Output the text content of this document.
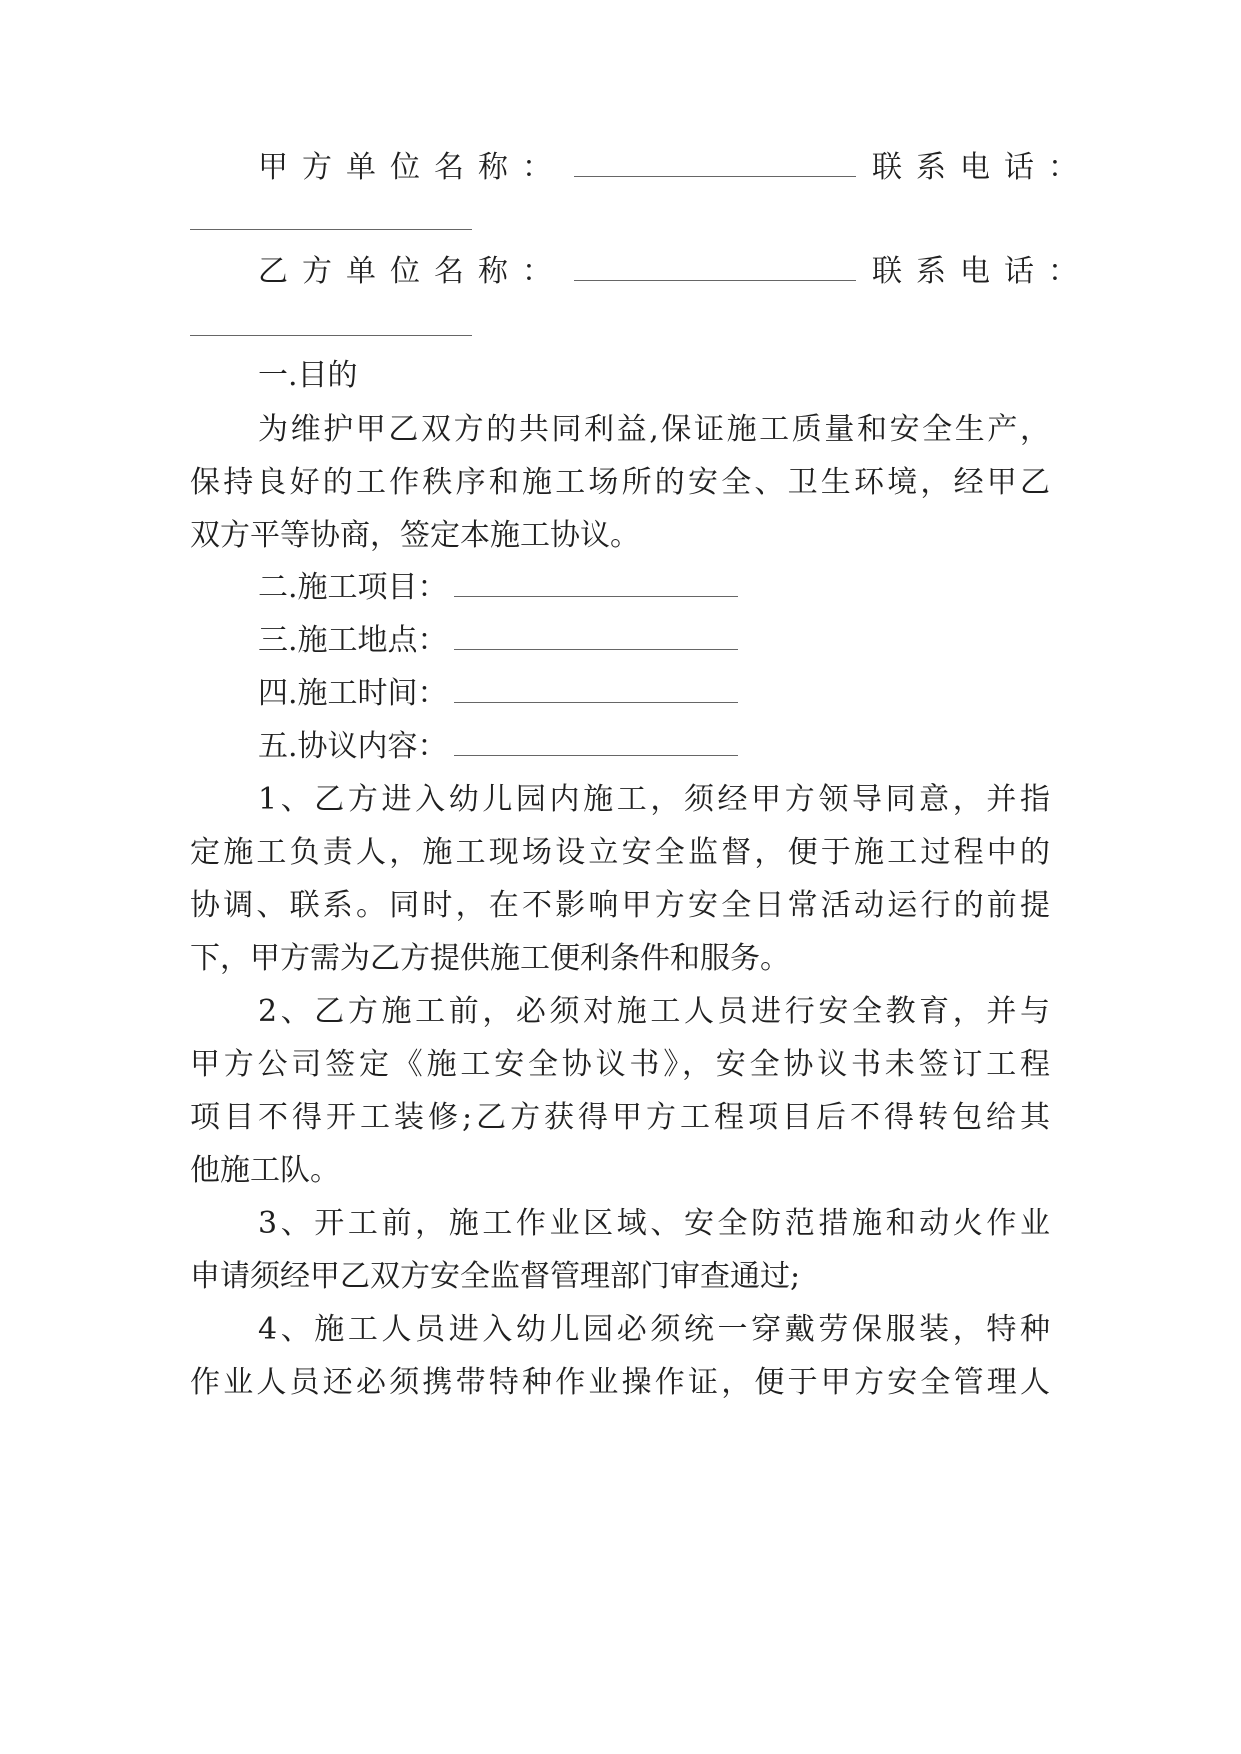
甲方单位名称：	联系电话：
乙方单位名称：	联系电话：
一.目的
为维护甲乙双方的共同利益,保证施工质量和安全生产，
保持良好的工作秩序和施工场所的安全、卫生环境，经甲乙
双方平等协商，签定本施工协议。
二.施工项目：
三.施工地点：
四.施工时间：
五.协议内容：
1、乙方进入幼儿园内施工，须经甲方领导同意，并指
定施工负责人，施工现场设立安全监督，便于施工过程中的
协调、联系。同时，在不影响甲方安全日常活动运行的前提
下，甲方需为乙方提供施工便利条件和服务。
2、乙方施工前，必须对施工人员进行安全教育，并与
甲方公司签定《施工安全协议书》，安全协议书未签订工程
项目不得开工装修;乙方获得甲方工程项目后不得转包给其
他施工队。
3、开工前，施工作业区域、安全防范措施和动火作业
申请须经甲乙双方安全监督管理部门审查通过;
4、施工人员进入幼儿园必须统一穿戴劳保服装，特种
作业人员还必须携带特种作业操作证，便于甲方安全管理人
